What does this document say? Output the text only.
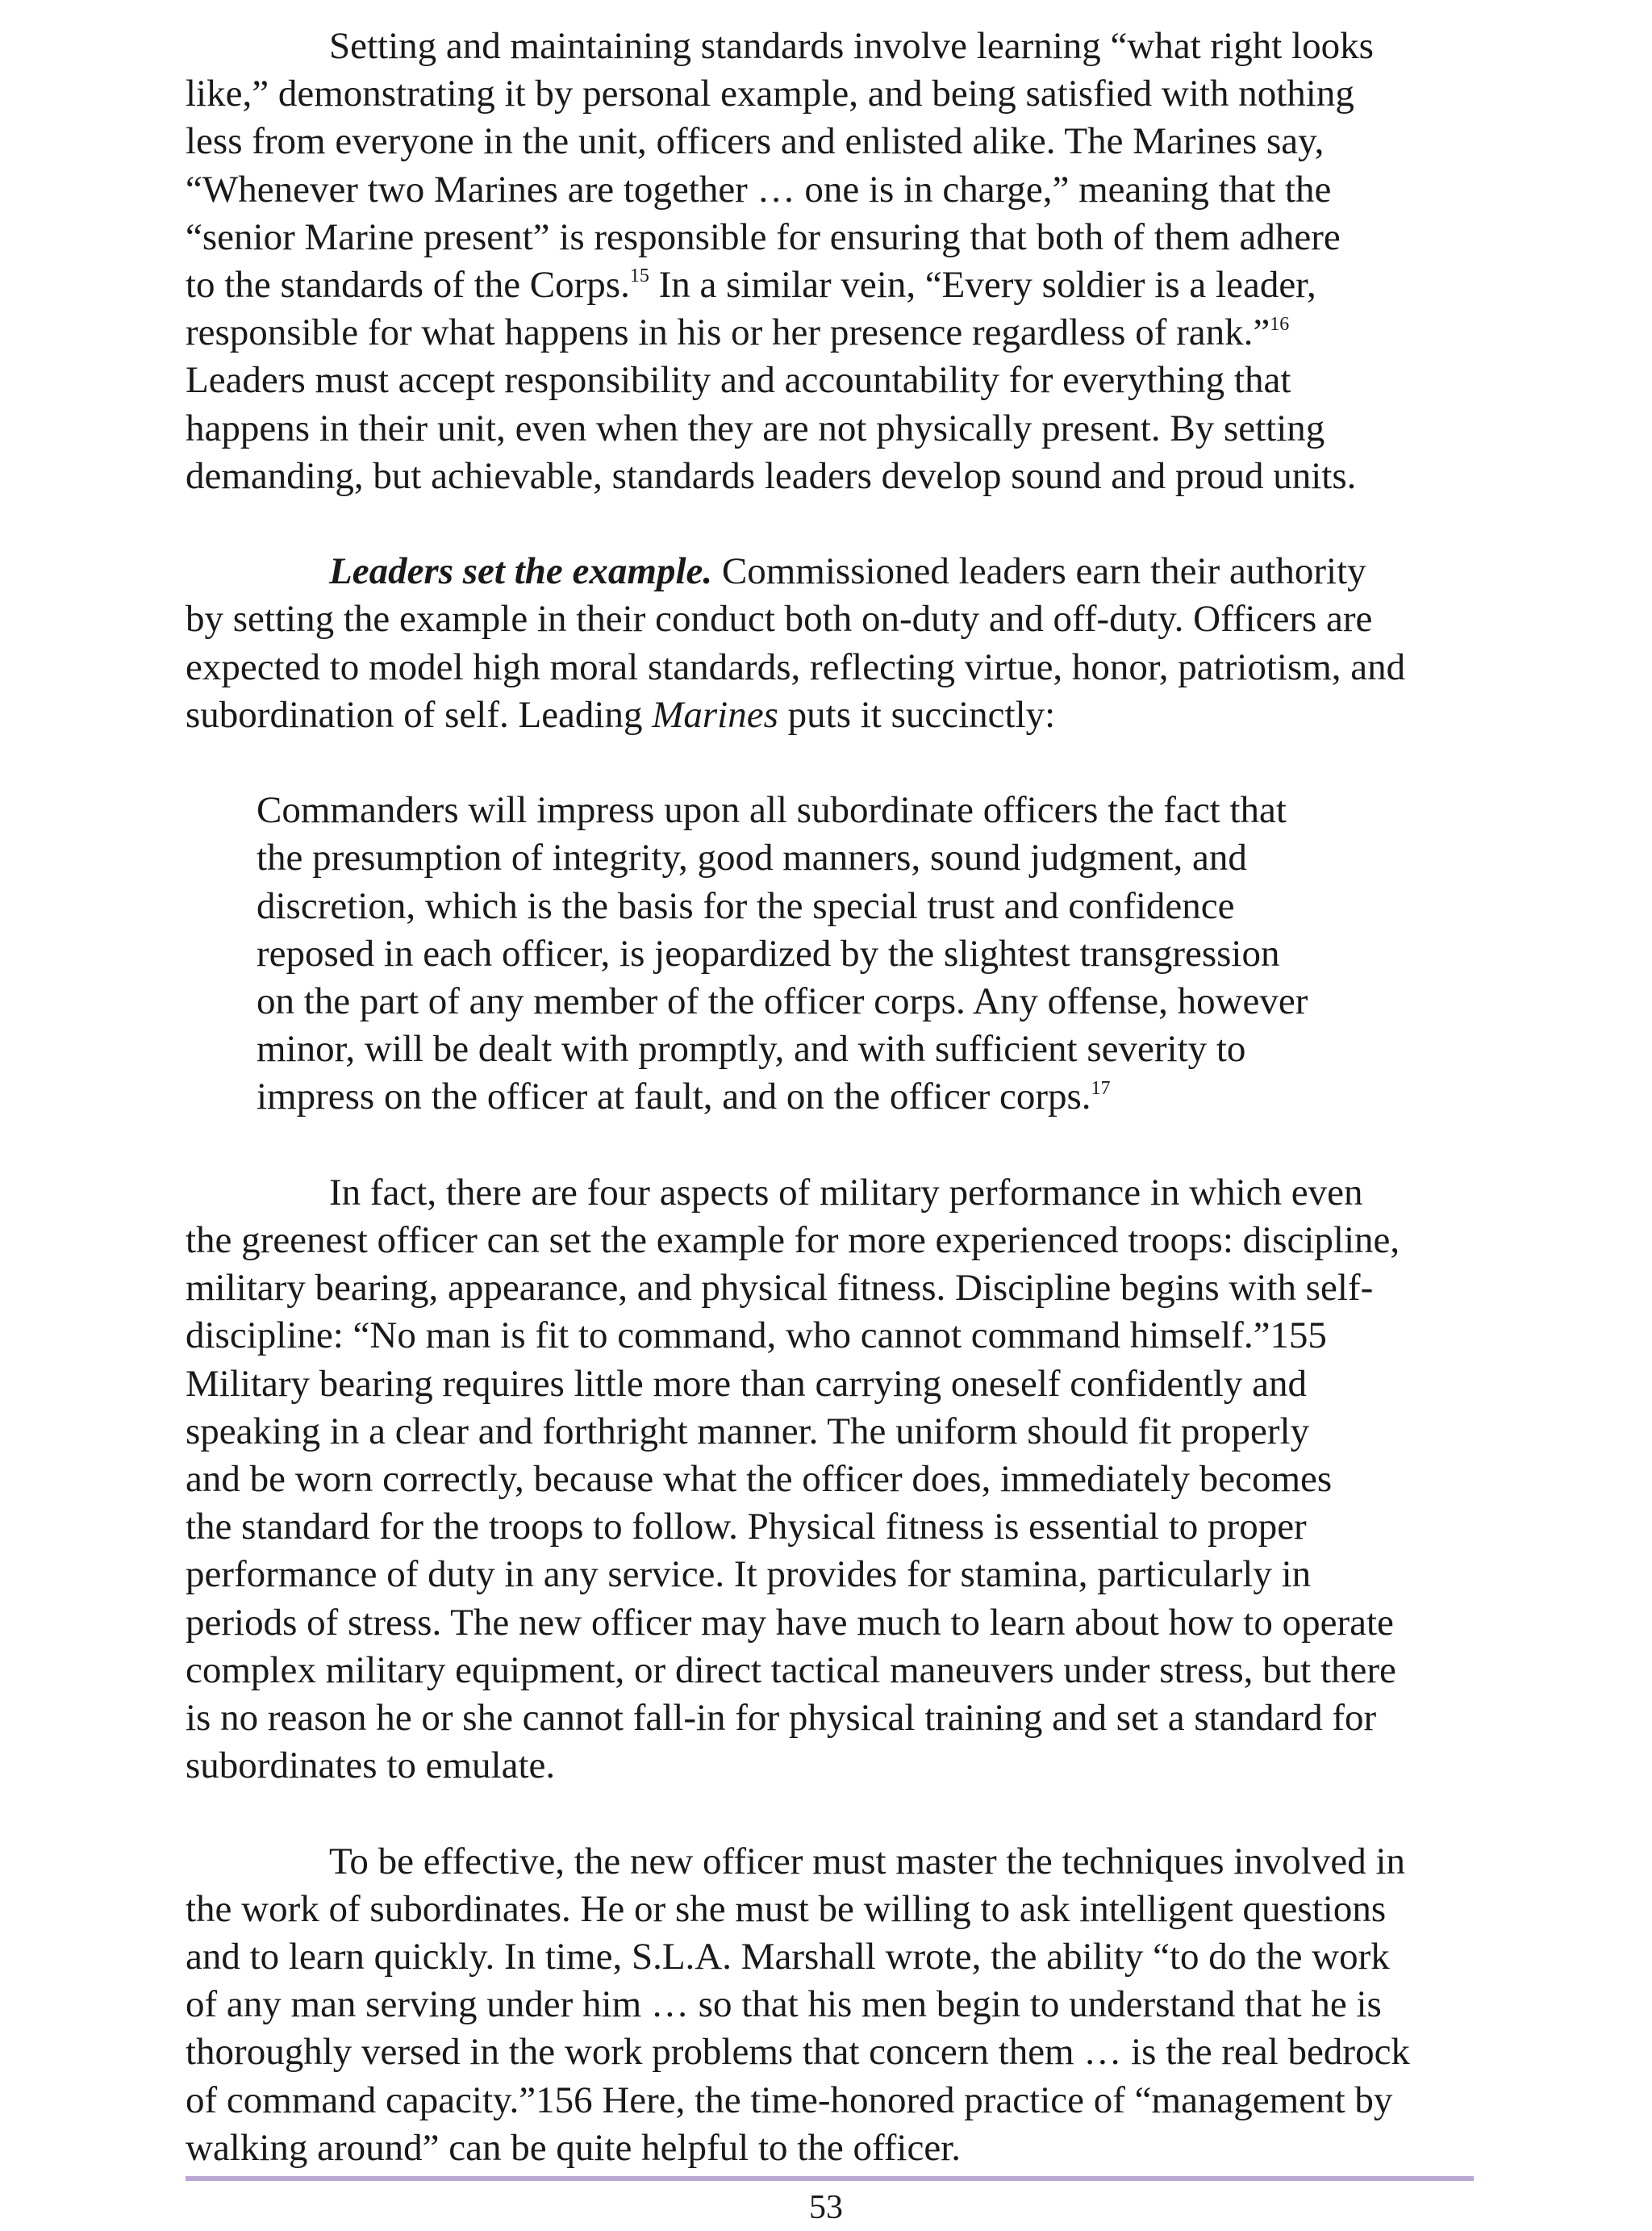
Setting and maintaining standards involve learning “what right looks
like,” demonstrating it by personal example, and being satisfied with nothing
less from everyone in the unit, officers and enlisted alike. The Marines say,
“Whenever two Marines are together … one is in charge,” meaning that the
“senior Marine present” is responsible for ensuring that both of them adhere
to the standards of the Corps.$^{15}$ In a similar vein, “Every soldier is a leader,
responsible for what happens in his or her presence regardless of rank.”$^{16}$
Leaders must accept responsibility and accountability for everything that
happens in their unit, even when they are not physically present. By setting
demanding, but achievable, standards leaders develop sound and proud units.

Leaders set the example. Commissioned leaders earn their authority
by setting the example in their conduct both on-duty and off-duty. Officers are
expected to model high moral standards, reflecting virtue, honor, patriotism, and
subordination of self. Leading Marines puts it succinctly:

Commanders will impress upon all subordinate officers the fact that
the presumption of integrity, good manners, sound judgment, and
discretion, which is the basis for the special trust and confidence
reposed in each officer, is jeopardized by the slightest transgression
on the part of any member of the officer corps. Any offense, however
minor, will be dealt with promptly, and with sufficient severity to
impress on the officer at fault, and on the officer corps.$^{17}$

In fact, there are four aspects of military performance in which even
the greenest officer can set the example for more experienced troops: discipline,
military bearing, appearance, and physical fitness. Discipline begins with self-
discipline: “No man is fit to command, who cannot command himself.”155
Military bearing requires little more than carrying oneself confidently and
speaking in a clear and forthright manner. The uniform should fit properly
and be worn correctly, because what the officer does, immediately becomes
the standard for the troops to follow. Physical fitness is essential to proper
performance of duty in any service. It provides for stamina, particularly in
periods of stress. The new officer may have much to learn about how to operate
complex military equipment, or direct tactical maneuvers under stress, but there
is no reason he or she cannot fall-in for physical training and set a standard for
subordinates to emulate.

To be effective, the new officer must master the techniques involved in
the work of subordinates. He or she must be willing to ask intelligent questions
and to learn quickly. In time, S.L.A. Marshall wrote, the ability “to do the work
of any man serving under him … so that his men begin to understand that he is
thoroughly versed in the work problems that concern them … is the real bedrock
of command capacity.”156 Here, the time-honored practice of “management by
walking around” can be quite helpful to the officer.

53
